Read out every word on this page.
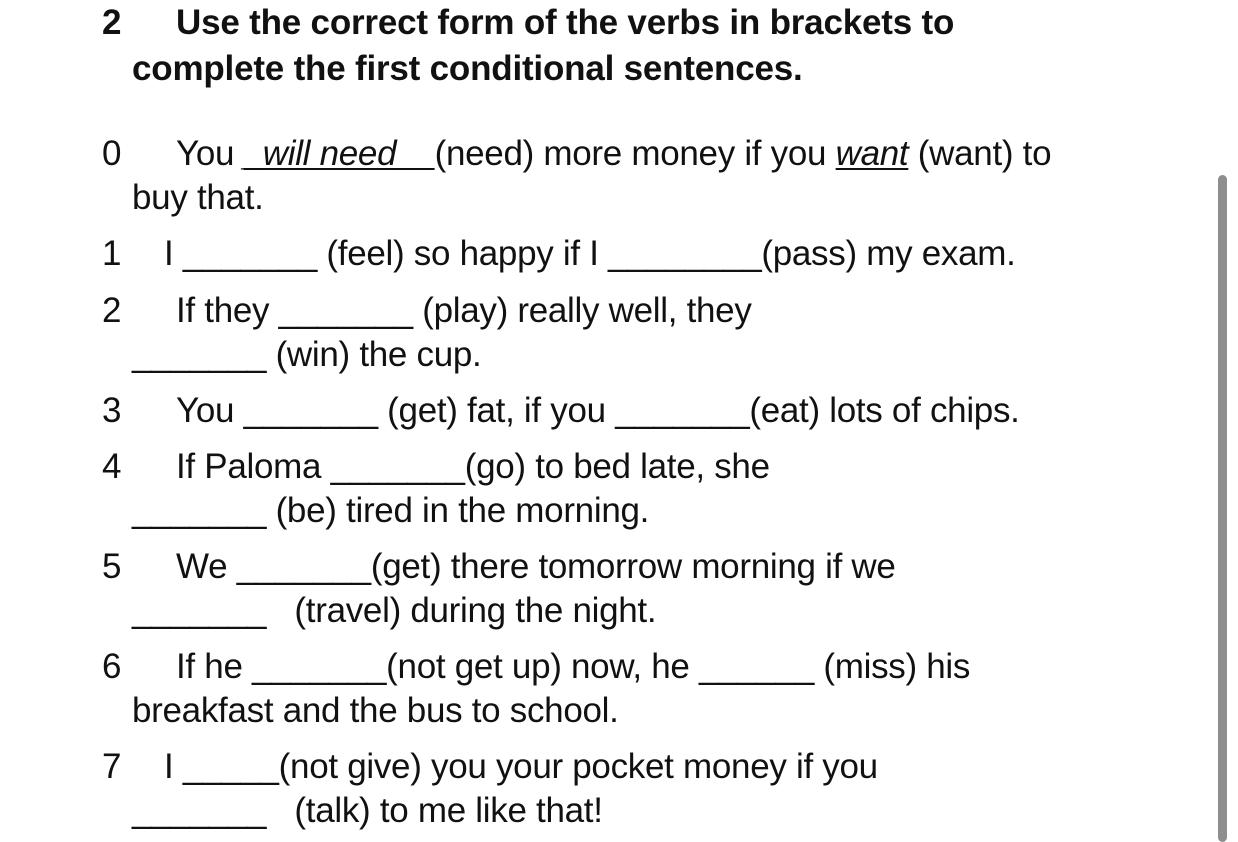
2 Use the correct form of the verbs in brackets to
complete the first conditional sentences.
0 You _will need__(need) more money if you want (want) to
buy that.
1 I _______ (feel) so happy if I ________(pass) my exam.
2 If they _______ (play) really well, they
_______ (win) the cup.
3 You _______ (get) fat, if you _______(eat) lots of chips.
4 If Paloma _______(go) to bed late, she
_______ (be) tired in the morning.
5 We _______(get) there tomorrow morning if we
_______   (travel) during the night.
6 If he _______(not get up) now, he ______ (miss) his
breakfast and the bus to school.
7 I _____(not give) you your pocket money if you
_______   (talk) to me like that!
